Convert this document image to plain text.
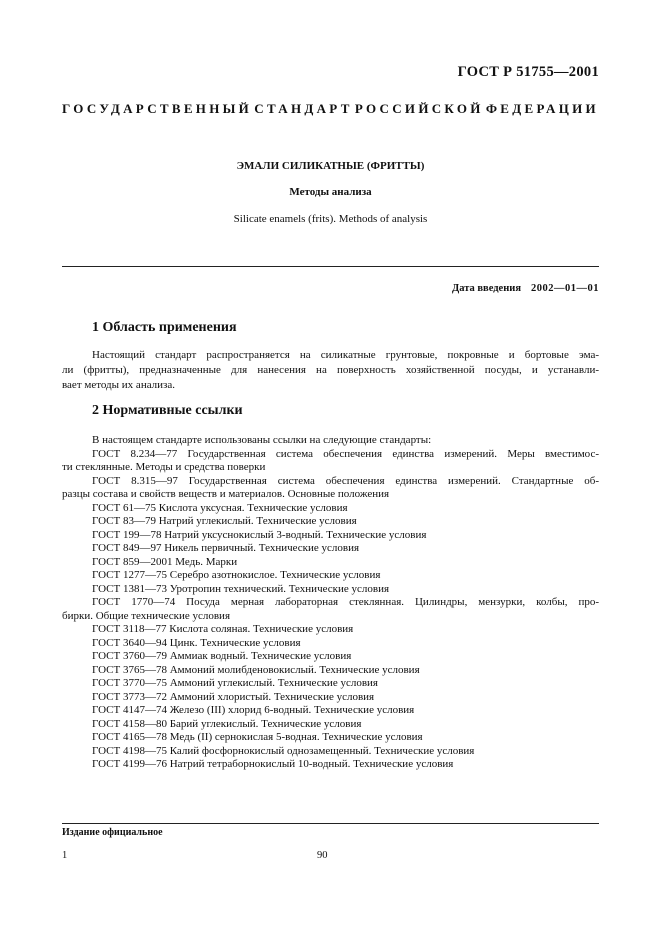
ГОСТ Р 51755—2001
ГОСУДАРСТВЕННЫЙ СТАНДАРТ РОССИЙСКОЙ ФЕДЕРАЦИИ
ЭМАЛИ СИЛИКАТНЫЕ (ФРИТТЫ)
Методы анализа
Silicate enamels (frits). Methods of analysis
Дата введения 2002—01—01
1 Область применения
Настоящий стандарт распространяется на силикатные грунтовые, покровные и бортовые эма-
ли (фритты), предназначенные для нанесения на поверхность хозяйственной посуды, и устанавли-
вает методы их анализа.
2 Нормативные ссылки
В настоящем стандарте использованы ссылки на следующие стандарты:
ГОСТ 8.234—77 Государственная система обеспечения единства измерений. Меры вместимос-
ти стеклянные. Методы и средства поверки
ГОСТ 8.315—97 Государственная система обеспечения единства измерений. Стандартные об-
разцы состава и свойств веществ и материалов. Основные положения
ГОСТ 61—75 Кислота уксусная. Технические условия
ГОСТ 83—79 Натрий углекислый. Технические условия
ГОСТ 199—78 Натрий уксуснокислый 3-водный. Технические условия
ГОСТ 849—97 Никель первичный. Технические условия
ГОСТ 859—2001 Медь. Марки
ГОСТ 1277—75 Серебро азотнокислое. Технические условия
ГОСТ 1381—73 Уротропин технический. Технические условия
ГОСТ 1770—74 Посуда мерная лабораторная стеклянная. Цилиндры, мензурки, колбы, про-
бирки. Общие технические условия
ГОСТ 3118—77 Кислота соляная. Технические условия
ГОСТ 3640—94 Цинк. Технические условия
ГОСТ 3760—79 Аммиак водный. Технические условия
ГОСТ 3765—78 Аммоний молибденовокислый. Технические условия
ГОСТ 3770—75 Аммоний углекислый. Технические условия
ГОСТ 3773—72 Аммоний хлористый. Технические условия
ГОСТ 4147—74 Железо (III) хлорид 6-водный. Технические условия
ГОСТ 4158—80 Барий углекислый. Технические условия
ГОСТ 4165—78 Медь (II) сернокислая 5-водная. Технические условия
ГОСТ 4198—75 Калий фосфорнокислый однозамещенный. Технические условия
ГОСТ 4199—76 Натрий тетраборнокислый 10-водный. Технические условия
Издание официальное
1	90
